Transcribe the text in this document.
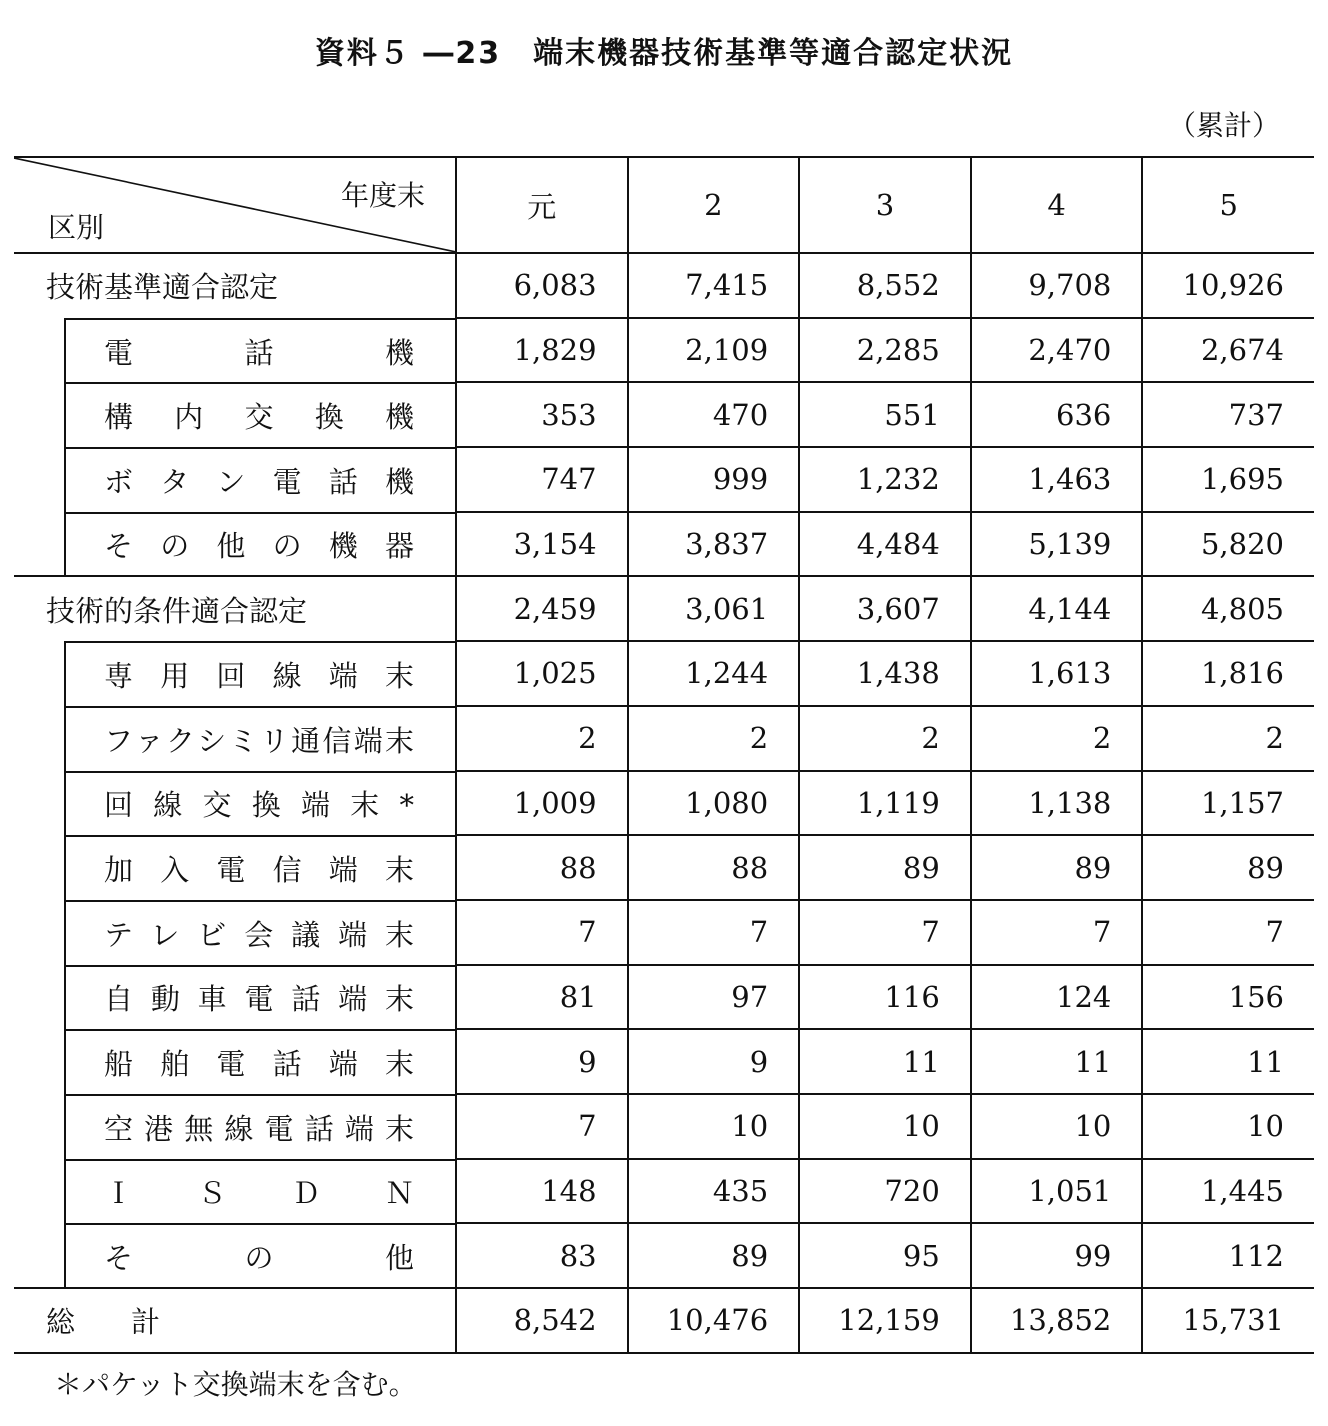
資料５ ―23　端末機器技術基準等適合認定状況
（累計）
年度末
区別	元	2	3	4	5
技術基準適合認定	6,083	7,415	8,552	9,708	10,926

電話機	1,829	2,109	2,285	2,470	2,674

構内交換機	353	470	551	636	737

ボタン電話機	747	999	1,232	1,463	1,695

その他の機器	3,154	3,837	4,484	5,139	5,820
技術的条件適合認定	2,459	3,061	3,607	4,144	4,805

専用回線端末	1,025	1,244	1,438	1,613	1,816

ファクシミリ通信端末	2	2	2	2	2

回線交換端末*	1,009	1,080	1,119	1,138	1,157

加入電信端末	88	88	89	89	89

テレビ会議端末	7	7	7	7	7

自動車電話端末	81	97	116	124	156

船舶電話端末	9	9	11	11	11

空港無線電話端末	7	10	10	10	10

ＩＳＤＮ	148	435	720	1,051	1,445

その他	83	89	95	99	112
総計	8,542	10,476	12,159	13,852	15,731
＊パケット交換端末を含む。
